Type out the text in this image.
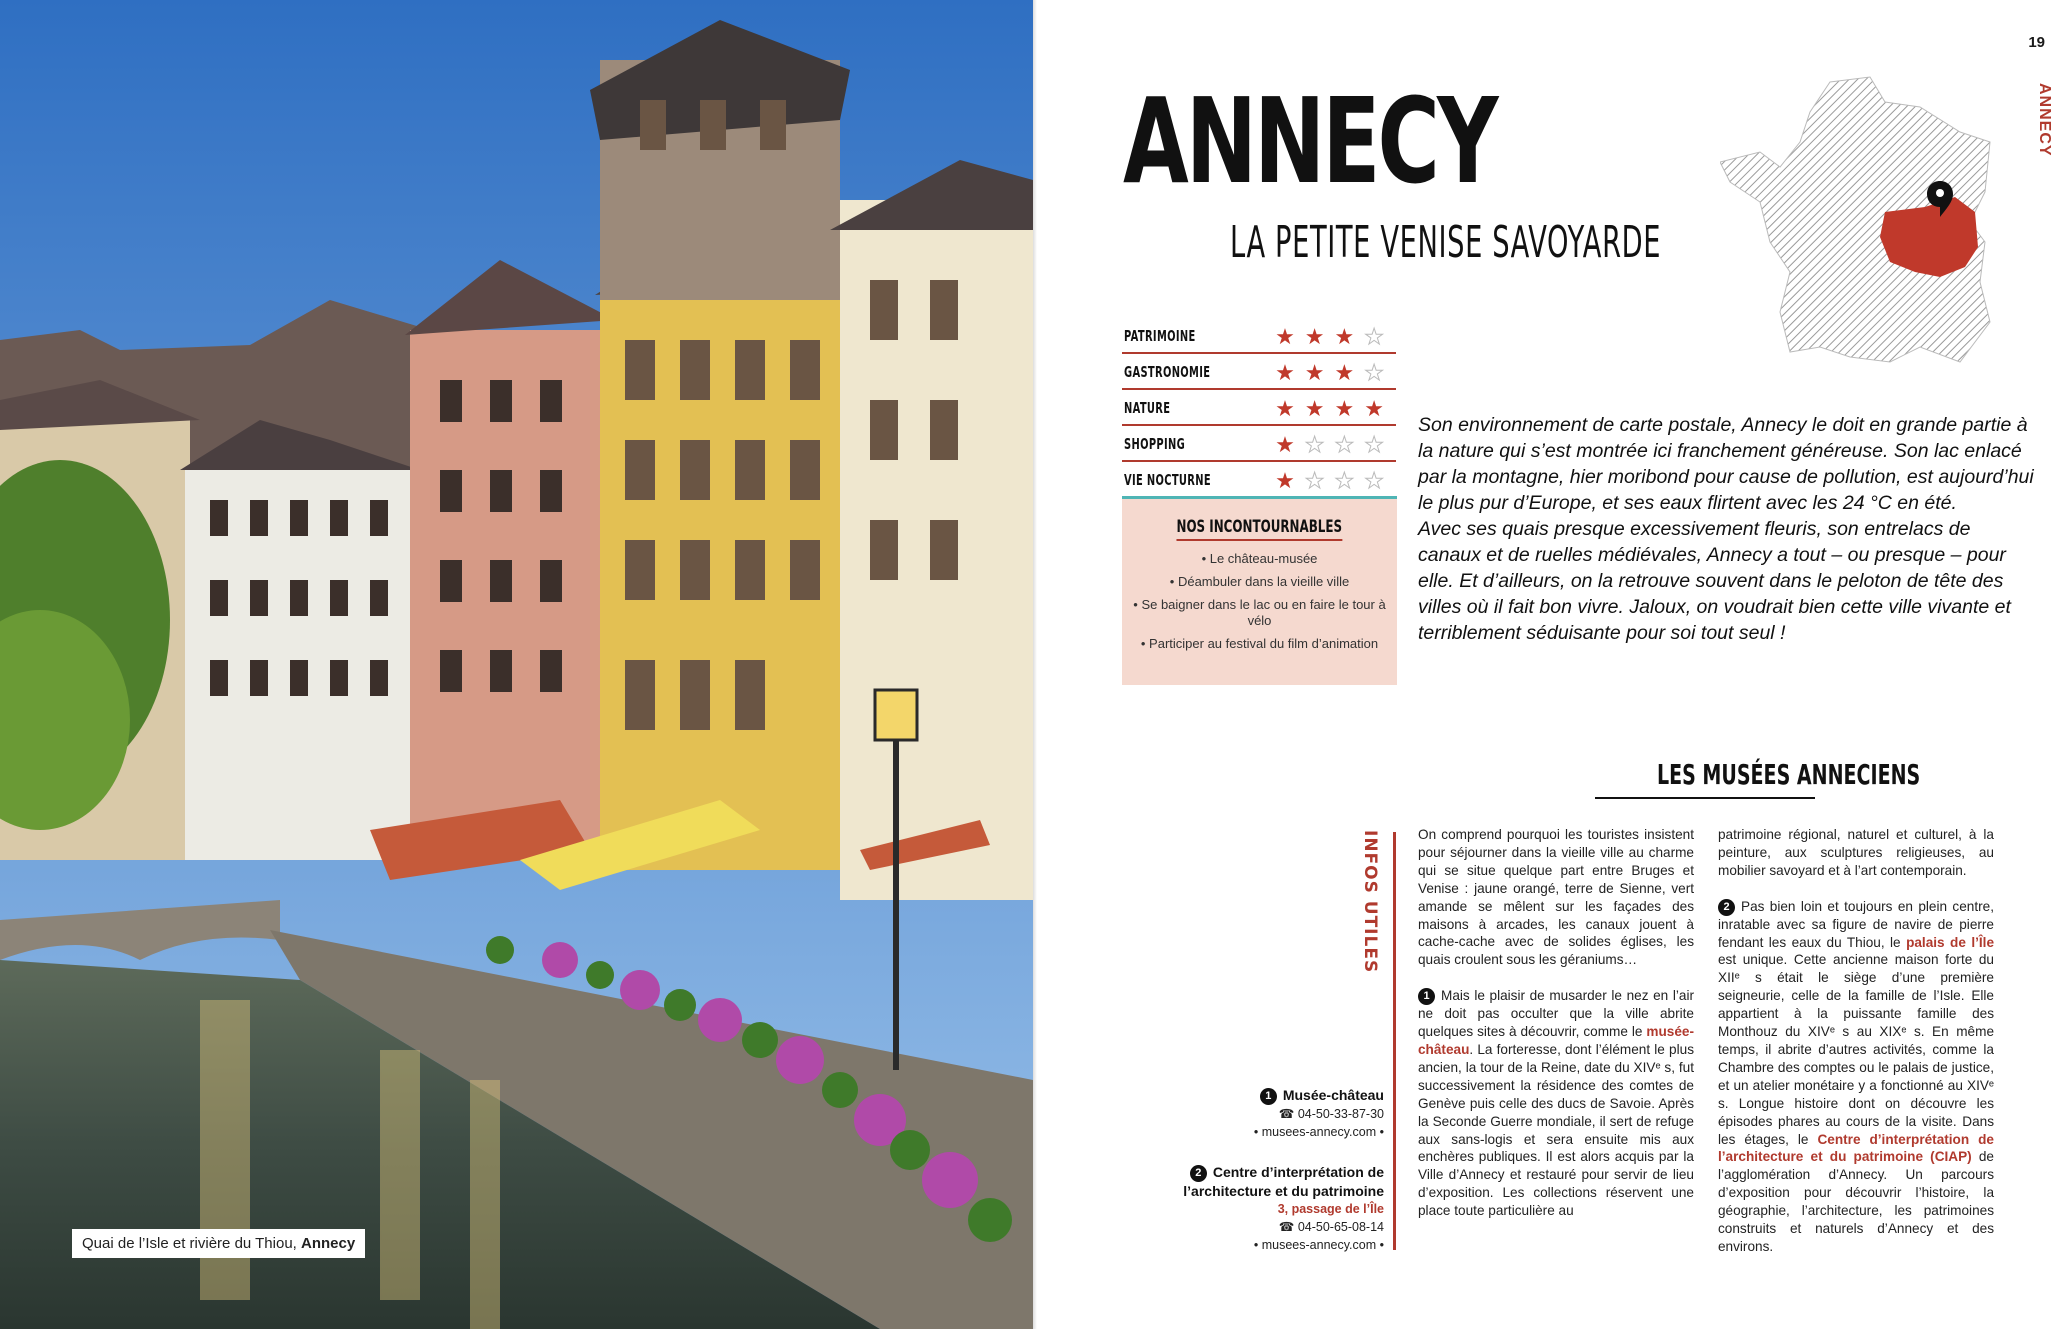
Quai de l’Isle et rivière du Thiou, Annecy
19
ANNECY
ANNECY
LA PETITE VENISE SAVOYARDE
PATRIMOINE	★★★★
GASTRONOMIE	★★★★
NATURE	★★★★
SHOPPING	★★★★
VIE NOCTURNE	★★★★
NOS INCONTOURNABLES
• Le château-musée
• Déambuler dans la vieille ville
• Se baigner dans le lac ou en faire le tour à vélo
• Participer au festival du film d’animation

Son environnement de carte postale, Annecy le doit en grande partie à la nature qui s’est montrée ici franchement généreuse. Son lac enlacé par la montagne, hier moribond pour cause de pollution, est aujourd’hui le plus pur d’Europe, et ses eaux flirtent avec les 24 °C en été.

Avec ses quais presque excessivement fleuris, son entrelacs de canaux et de ruelles médiévales, Annecy a tout – ou presque – pour elle. Et d’ailleurs, on la retrouve souvent dans le peloton de tête des villes où il fait bon vivre. Jaloux, on voudrait bien cette ville vivante et terriblement séduisante pour soi tout seul !

LES MUSÉES ANNECIENS
INFOS UTILES
1 Musée-château
☎ 04-50-33-87-30
• musees-annecy.com •
2 Centre d’interprétation de l’architecture et du patrimoine
3, passage de l’Île
☎ 04-50-65-08-14
• musees-annecy.com •

On comprend pourquoi les touristes insistent pour séjourner dans la vieille ville au charme qui se situe quelque part entre Bruges et Venise : jaune orangé, terre de Sienne, vert amande se mêlent sur les façades des maisons à arcades, les canaux jouent à cache-cache avec de solides églises, les quais croulent sous les géraniums…

1 Mais le plaisir de musarder le nez en l’air ne doit pas occulter que la ville abrite quelques sites à découvrir, comme le musée-château. La forteresse, dont l’élément le plus ancien, la tour de la Reine, date du XIVᵉ s, fut successivement la résidence des comtes de Genève puis celle des ducs de Savoie. Après la Seconde Guerre mondiale, il sert de refuge aux sans-logis et sera ensuite mis aux enchères publiques. Il est alors acquis par la Ville d’Annecy et restauré pour servir de lieu d’exposition. Les collections réservent une place toute particulière au

patrimoine régional, naturel et culturel, à la peinture, aux sculptures religieuses, au mobilier savoyard et à l’art contemporain.

2 Pas bien loin et toujours en plein centre, inratable avec sa figure de navire de pierre fendant les eaux du Thiou, le palais de l’Île est unique. Cette ancienne maison forte du XIIᵉ s était le siège d’une première seigneurie, celle de la famille de l’Isle. Elle appartient à la puissante famille des Monthouz du XIVᵉ s au XIXᵉ s. En même temps, il abrite d’autres activités, comme la Chambre des comptes ou le palais de justice, et un atelier monétaire y a fonctionné au XIVᵉ s. Longue histoire dont on découvre les épisodes phares au cours de la visite. Dans les étages, le Centre d’interprétation de l’architecture et du patrimoine (CIAP) de l’agglomération d’Annecy. Un parcours d’exposition pour découvrir l’histoire, la géographie, l’architecture, les patrimoines construits et naturels d’Annecy et des environs.
